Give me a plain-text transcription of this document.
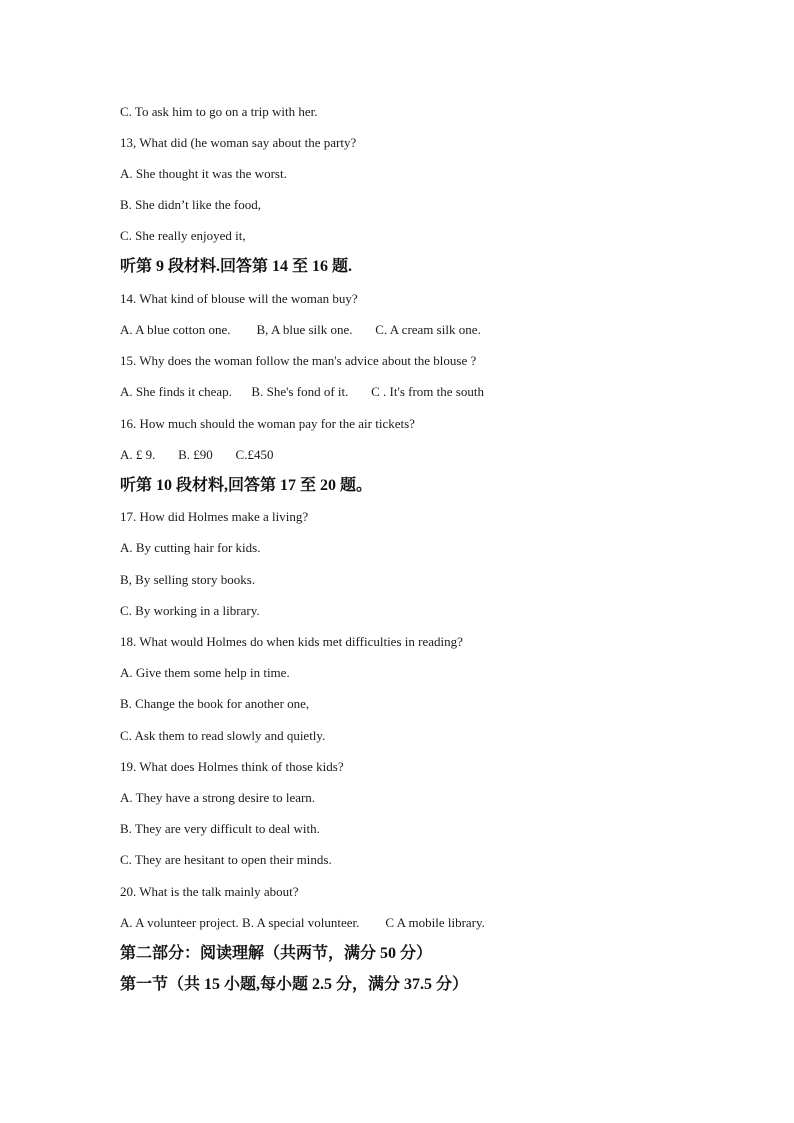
C. To ask him to go on a trip with her.
13, What did (he woman say about the party?
A. She thought it was the worst.
B. She didn’t like the food,
C. She really enjoyed it,
听第 9 段材料.回答第 14 至 16 题.
14. What kind of blouse will the woman buy?
A. A blue cotton one.        B, A blue silk one.       C. A cream silk one.
15. Why does the woman follow the man's advice about the blouse ?
A. She finds it cheap.      B. She's fond of it.       C . It's from the south
16. How much should the woman pay for the air tickets?
A. £ 9.       B. £90       C.£450
听第 10 段材料,回答第 17 至 20 题。
17. How did Holmes make a living?
A. By cutting hair for kids.
B, By selling story books.
C. By working in a library.
18. What would Holmes do when kids met difficulties in reading?
A. Give them some help in time.
B. Change the book for another one,
C. Ask them to read slowly and quietly.
19. What does Holmes think of those kids?
A. They have a strong desire to learn.
B. They are very difficult to deal with.
C. They are hesitant to open their minds.
20. What is the talk mainly about?
A. A volunteer project. B. A special volunteer.        C A mobile library.
第二部分：阅读理解（共两节，满分 50 分）
第一节（共 15 小题,每小题 2.5 分，满分 37.5 分）
